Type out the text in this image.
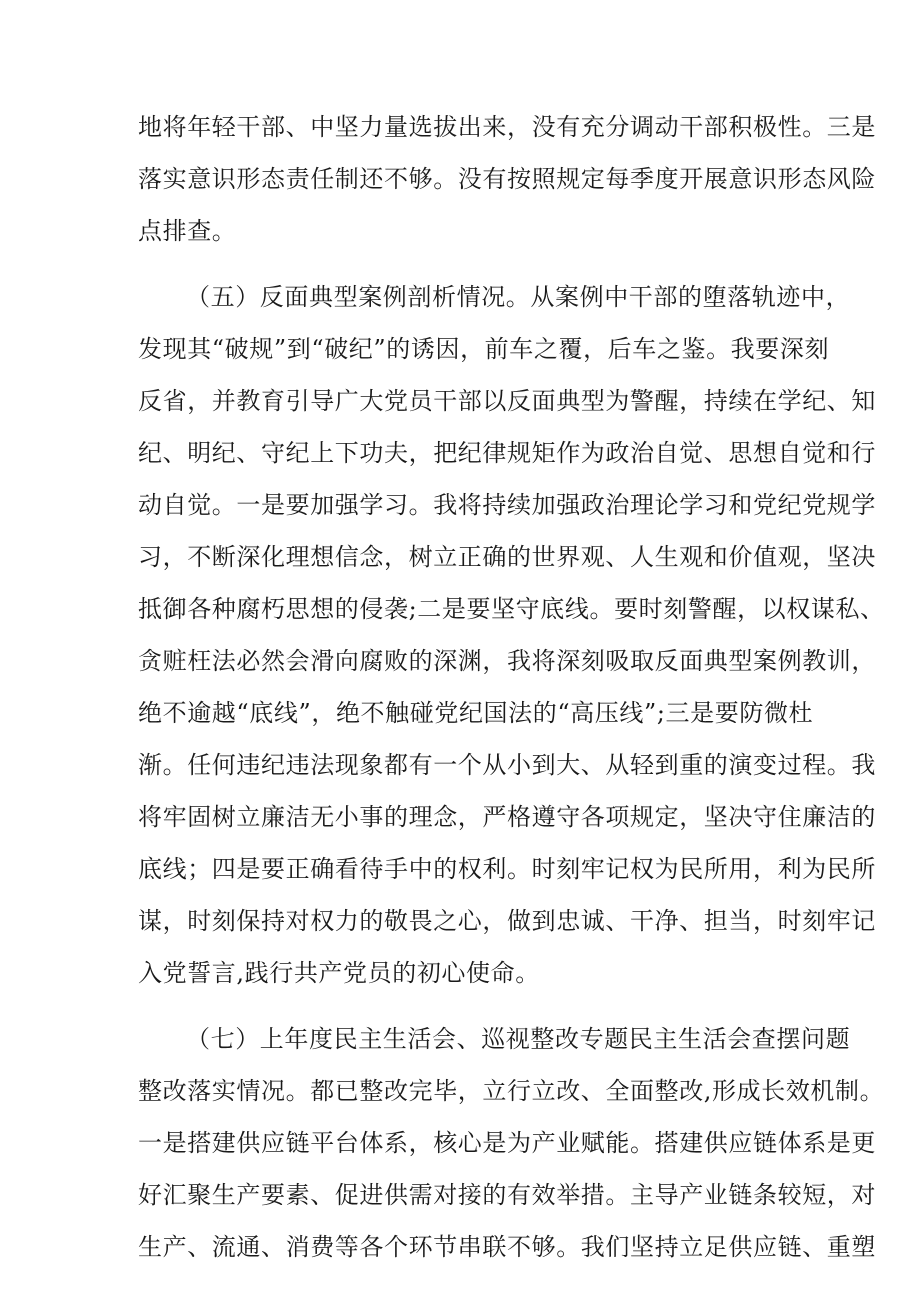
地将年轻干部、中坚力量选拔出来，没有充分调动干部积极性。三是
落实意识形态责任制还不够。没有按照规定每季度开展意识形态风险
点排查。
（五）反面典型案例剖析情况。从案例中干部的堕落轨迹中，
发现其“破规”到“破纪”的诱因，前车之覆，后车之鉴。我要深刻
反省，并教育引导广大党员干部以反面典型为警醒，持续在学纪、知
纪、明纪、守纪上下功夫，把纪律规矩作为政治自觉、思想自觉和行
动自觉。一是要加强学习。我将持续加强政治理论学习和党纪党规学
习，不断深化理想信念，树立正确的世界观、人生观和价值观，坚决
抵御各种腐朽思想的侵袭;二是要坚守底线。要时刻警醒，以权谋私、
贪赃枉法必然会滑向腐败的深渊，我将深刻吸取反面典型案例教训，
绝不逾越“底线”，绝不触碰党纪国法的“高压线”;三是要防微杜
渐。任何违纪违法现象都有一个从小到大、从轻到重的演变过程。我
将牢固树立廉洁无小事的理念，严格遵守各项规定，坚决守住廉洁的
底线；四是要正确看待手中的权利。时刻牢记权为民所用，利为民所
谋，时刻保持对权力的敬畏之心，做到忠诚、干净、担当，时刻牢记
入党誓言,践行共产党员的初心使命。
（七）上年度民主生活会、巡视整改专题民主生活会查摆问题
整改落实情况。都已整改完毕，立行立改、全面整改,形成长效机制。
一是搭建供应链平台体系，核心是为产业赋能。搭建供应链体系是更
好汇聚生产要素、促进供需对接的有效举措。主导产业链条较短，对
生产、流通、消费等各个环节串联不够。我们坚持立足供应链、重塑
